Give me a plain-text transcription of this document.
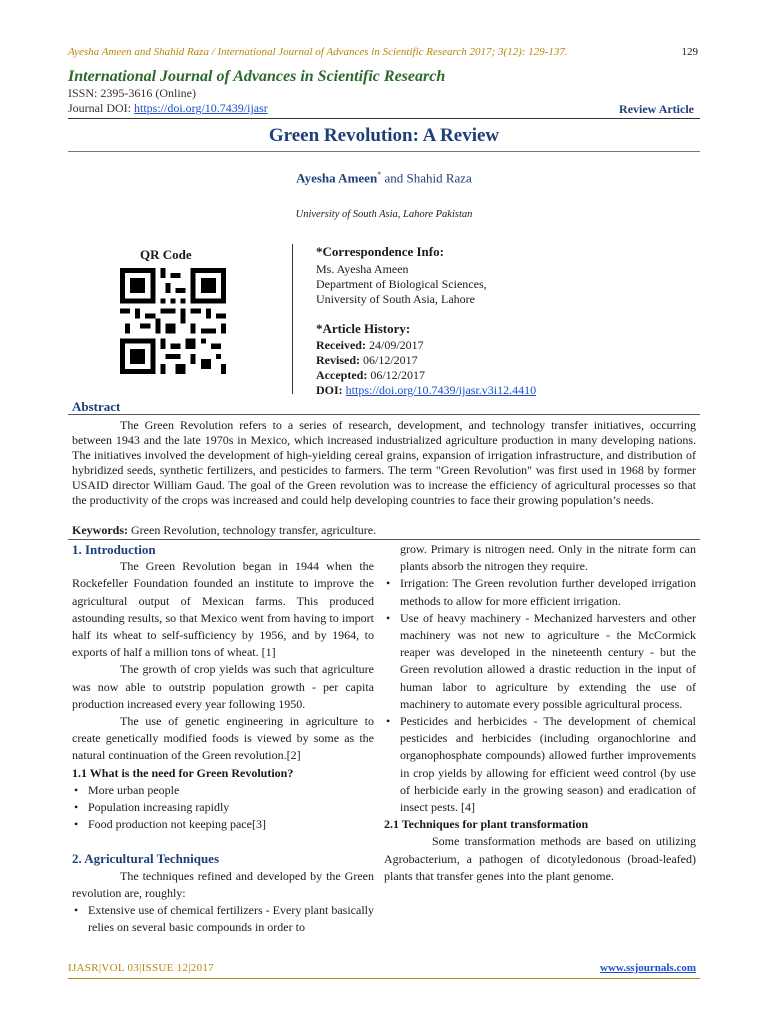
Ayesha Ameen and Shahid Raza / International Journal of Advances in Scientific Research 2017; 3(12): 129-137.	129
International Journal of Advances in Scientific Research
ISSN: 2395-3616 (Online)
Journal DOI: https://doi.org/10.7439/ijasr	Review Article
Green Revolution: A Review
Ayesha Ameen* and Shahid Raza
University of South Asia, Lahore Pakistan
QR Code	*Correspondence Info:
Ms. Ayesha Ameen
Department of Biological Sciences,
University of South Asia, Lahore
*Article History:
Received: 24/09/2017
Revised: 06/12/2017
Accepted: 06/12/2017
DOI: https://doi.org/10.7439/ijasr.v3i12.4410
Abstract
The Green Revolution refers to a series of research, development, and technology transfer initiatives, occurring between 1943 and the late 1970s in Mexico, which increased industrialized agriculture production in many developing nations. The initiatives involved the development of high-yielding cereal grains, expansion of irrigation infrastructure, and distribution of hybridized seeds, synthetic fertilizers, and pesticides to farmers. The term "Green Revolution" was first used in 1968 by former USAID director William Gaud. The goal of the Green revolution was to increase the efficiency of agricultural processes so that the productivity of the crops was increased and could help developing countries to face their growing population’s needs.
Keywords: Green Revolution, technology transfer, agriculture.
1. Introduction
The Green Revolution began in 1944 when the Rockefeller Foundation founded an institute to improve the agricultural output of Mexican farms. This produced astounding results, so that Mexico went from having to import half its wheat to self-sufficiency by 1956, and by 1964, to exports of half a million tons of wheat. [1]
The growth of crop yields was such that agriculture was now able to outstrip population growth - per capita production increased every year following 1950.
The use of genetic engineering in agriculture to create genetically modified foods is viewed by some as the natural continuation of the Green revolution.[2]
1.1 What is the need for Green Revolution?
• More urban people
• Population increasing rapidly
• Food production not keeping pace[3]
2. Agricultural Techniques
The techniques refined and developed by the Green revolution are, roughly:
• Extensive use of chemical fertilizers - Every plant basically relies on several basic compounds in order to
grow. Primary is nitrogen need. Only in the nitrate form can plants absorb the nitrogen they require.
• Irrigation: The Green revolution further developed irrigation methods to allow for more efficient irrigation.
• Use of heavy machinery - Mechanized harvesters and other machinery was not new to agriculture - the McCormick reaper was developed in the nineteenth century - but the Green revolution allowed a drastic reduction in the input of human labor to agriculture by extending the use of machinery to automate every possible agricultural process.
• Pesticides and herbicides - The development of chemical pesticides and herbicides (including organochlorine and organophosphate compounds) allowed further improvements in crop yields by allowing for efficient weed control (by use of herbicide early in the growing season) and eradication of insect pests. [4]
2.1 Techniques for plant transformation
Some transformation methods are based on utilizing Agrobacterium, a pathogen of dicotyledonous (broad-leafed) plants that transfer genes into the plant genome.
IJASR|VOL 03|ISSUE 12|2017	www.ssjournals.com
